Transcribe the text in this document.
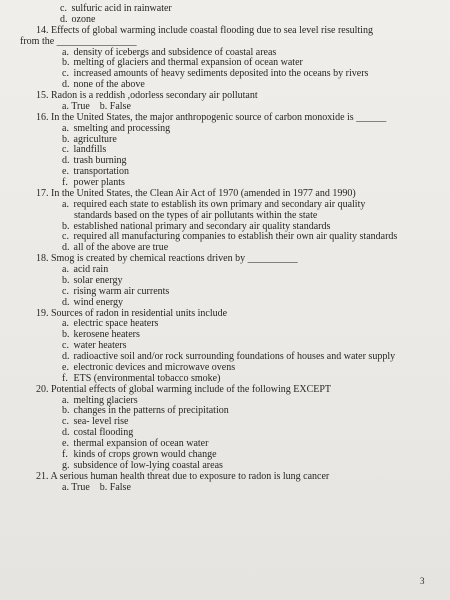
c. sulfuric acid in rainwater
d. ozone
14. Effects of global warming include coastal flooding due to sea level rise resulting
from the ________________
a. density of icebergs and subsidence of coastal areas
b. melting of glaciers and thermal expansion of ocean water
c. increased amounts of heavy sediments deposited into the oceans by rivers
d. none of the above
15. Radon is a reddish ,odorless secondary air pollutant
a. True    b. False
16. In the United States, the major anthropogenic source of carbon monoxide is ______
a. smelting and processing
b. agriculture
c. landfills
d. trash burning
e. transportation
f. power plants
17. In the United States, the Clean Air Act of 1970 (amended in 1977 and 1990)
a. required each state to establish its own primary and secondary air quality
standards based on the types of air pollutants within the state
b. established national primary and secondary air quality standards
c. required all manufacturing companies to establish their own air quality standards
d. all of the above are true
18. Smog is created by chemical reactions driven by __________
a. acid rain
b. solar energy
c. rising warm air currents
d. wind energy
19. Sources of radon in residential units include
a. electric space heaters
b. kerosene heaters
c. water heaters
d. radioactive soil and/or rock surrounding foundations of houses and water supply
e. electronic devices and microwave ovens
f. ETS (environmental tobacco smoke)
20. Potential effects of global warming include of the following EXCEPT
a. melting glaciers
b. changes in the patterns of precipitation
c. sea- level rise
d. costal flooding
e. thermal expansion of ocean water
f. kinds of crops grown would change
g. subsidence of low-lying coastal areas
21. A serious human health threat due to exposure to radon is lung cancer
a. True    b. False
3
